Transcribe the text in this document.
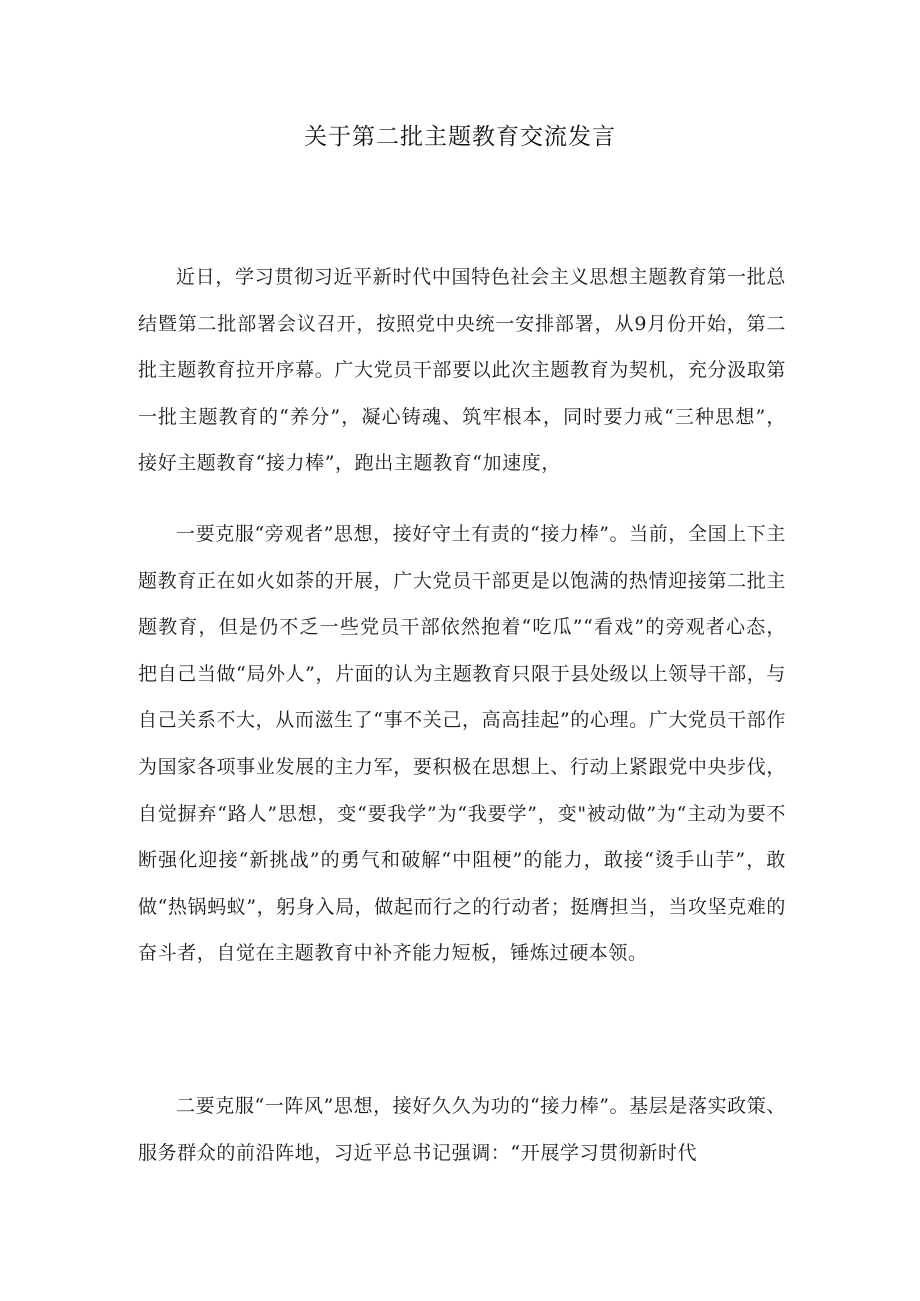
关于第二批主题教育交流发言

近日，学习贯彻习近平新时代中国特色社会主义思想主题教育第一批总结暨第二批部署会议召开，按照党中央统一安排部署，从9月份开始，第二批主题教育拉开序幕。广大党员干部要以此次主题教育为契机，充分汲取第一批主题教育的“养分”，凝心铸魂、筑牢根本，同时要力戒“三种思想”，接好主题教育“接力棒”，跑出主题教育“加速度，

一要克服“旁观者”思想，接好守土有责的“接力棒”。当前，全国上下主题教育正在如火如荼的开展，广大党员干部更是以饱满的热情迎接第二批主题教育，但是仍不乏一些党员干部依然抱着“吃瓜”“看戏”的旁观者心态，把自己当做“局外人”，片面的认为主题教育只限于县处级以上领导干部，与自己关系不大，从而滋生了“事不关己，高高挂起”的心理。广大党员干部作为国家各项事业发展的主力军，要积极在思想上、行动上紧跟党中央步伐，自觉摒弃“路人”思想，变“要我学”为“我要学”，变"被动做”为“主动为要不断强化迎接“新挑战”的勇气和破解“中阻梗”的能力，敢接“烫手山芋”，敢做“热锅蚂蚁”，躬身入局，做起而行之的行动者；挺膺担当，当攻坚克难的奋斗者，自觉在主题教育中补齐能力短板，锤炼过硬本领。

二要克服“一阵风”思想，接好久久为功的“接力棒”。基层是落实政策、服务群众的前沿阵地，习近平总书记强调：“开展学习贯彻新时代
